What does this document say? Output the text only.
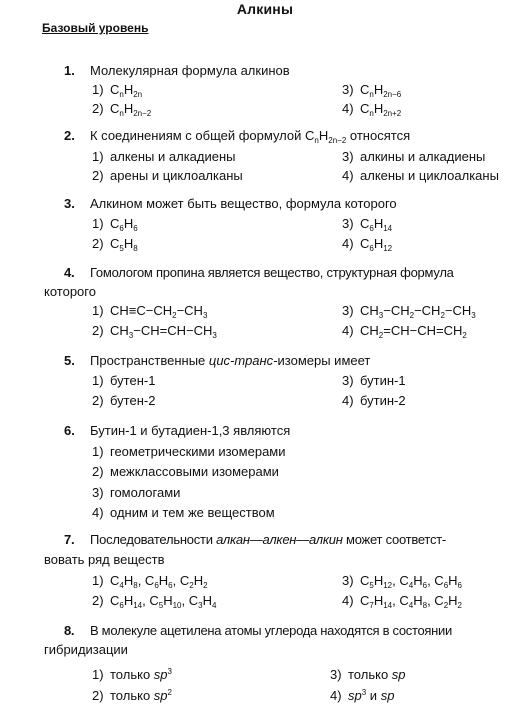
Алкины
Базовый уровень
1. Молекулярная формула алкинов
1) $C_nH_{2n}$	3) $C_nH_{2n-6}$
2) $C_nH_{2n-2}$	4) $C_nH_{2n+2}$
2. К соединениям с общей формулой $C_nH_{2n-2}$ относятся
1) алкены и алкадиены	3) алкины и алкадиены
2) арены и циклоалканы	4) алкены и циклоалканы
3. Алкином может быть вещество, формула которого
1) $C_6H_6$	3) $C_6H_{14}$
2) $C_5H_8$	4) $C_6H_{12}$
4. Гомологом пропина является вещество, структурная формула
которого
1) $CH\equiv C-CH_2-CH_3$	3) $CH_3-CH_2-CH_2-CH_3$
2) $CH_3-CH=CH-CH_3$	4) $CH_2=CH-CH=CH_2$
5. Пространственные цис-транс-изомеры имеет
1) бутен-1	3) бутин-1
2) бутен-2	4) бутин-2
6. Бутин-1 и бутадиен-1,3 являются
1) геометрическими изомерами
2) межклассовыми изомерами
3) гомологами
4) одним и тем же веществом
7. Последовательности алкан—алкен—алкин может соответст-
вовать ряд веществ
1) $C_4H_8$, $C_6H_6$, $C_2H_2$	3) $C_5H_{12}$, $C_4H_6$, $C_6H_6$
2) $C_6H_{14}$, $C_5H_{10}$, $C_3H_4$	4) $C_7H_{14}$, $C_4H_8$, $C_2H_2$
8. В молекуле ацетилена атомы углерода находятся в состоянии
гибридизации
1) только $sp^3$	3) только sp
2) только $sp^2$	4) $sp^3$ и sp
